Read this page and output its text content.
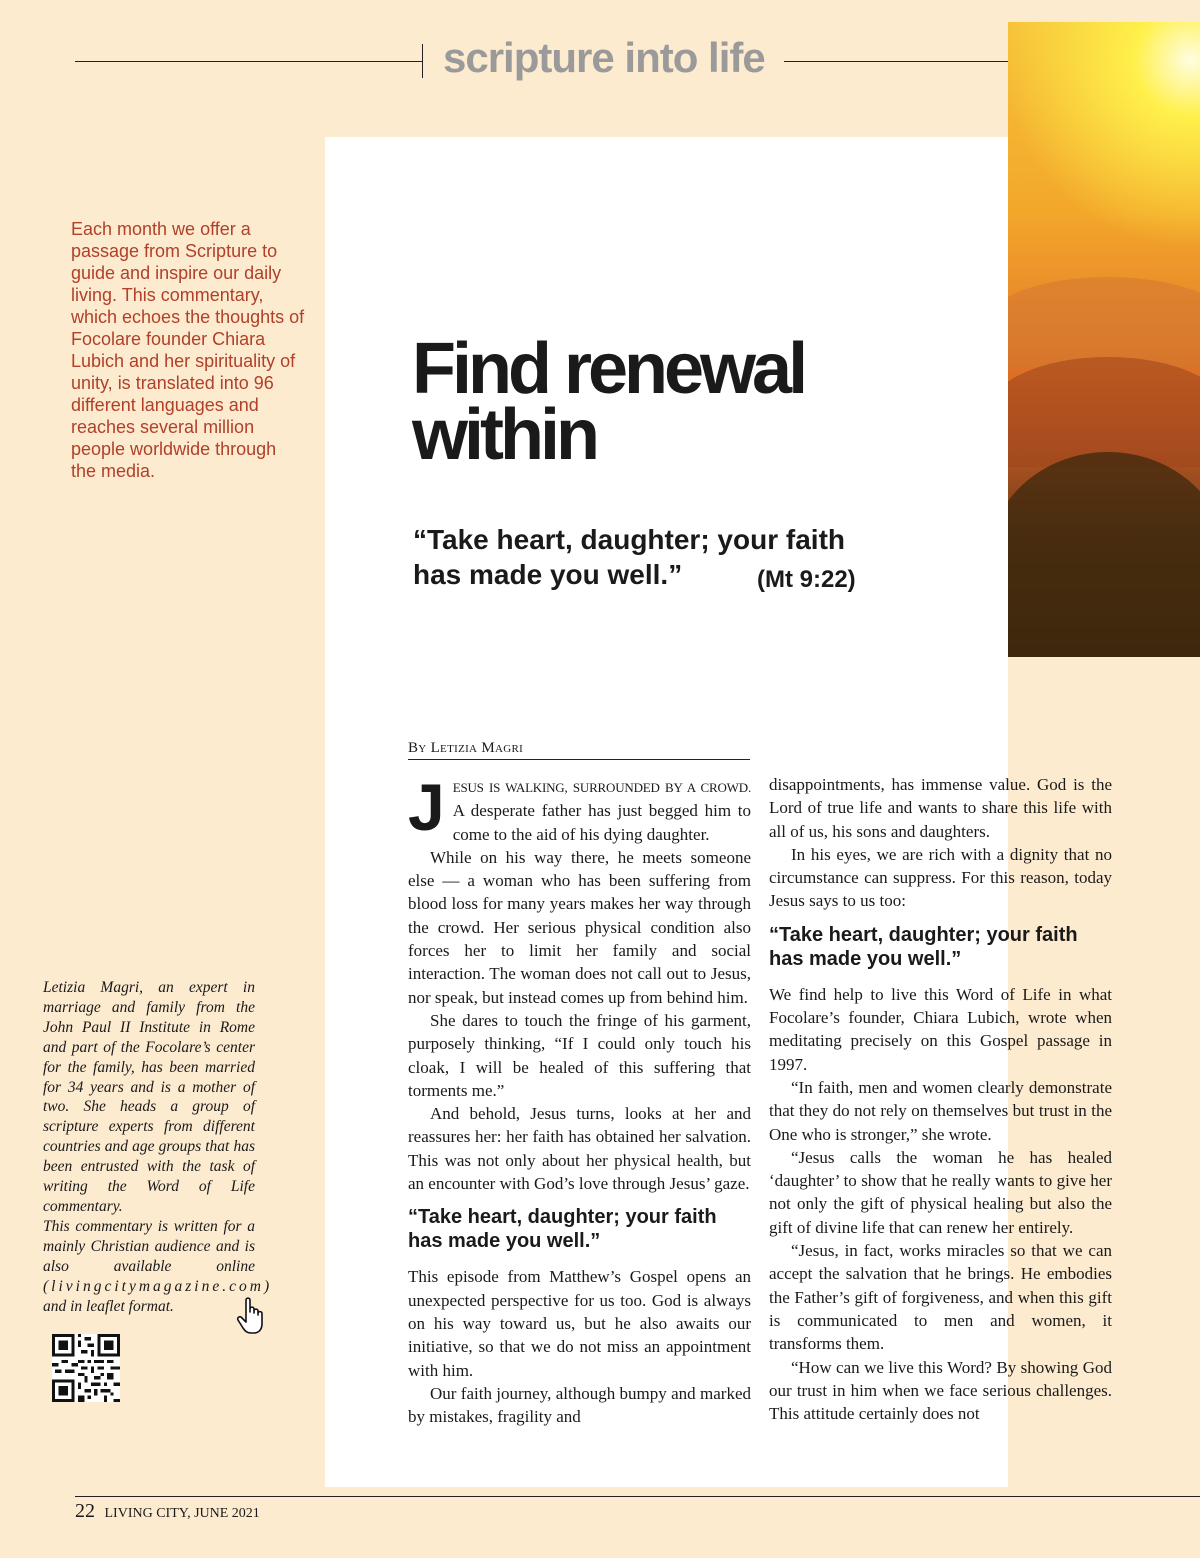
scripture into life
Each month we offer a passage from Scripture to guide and inspire our daily living. This commentary, which echoes the thoughts of Focolare founder Chiara Lubich and her spirituality of unity, is translated into 96 different languages and reaches several million people worldwide through the media.
Find renewal within
“Take heart, daughter; your faith has made you well.”	(Mt 9:22)
By Letizia Magri

JESUS IS WALKING, SURROUNDED BY A CROWD. A desperate father has just begged him to come to the aid of his dying daughter.

While on his way there, he meets someone else — a woman who has been suffering from blood loss for many years makes her way through the crowd. Her serious physical condition also forces her to limit her family and social interaction. The woman does not call out to Jesus, nor speak, but instead comes up from behind him.

She dares to touch the fringe of his garment, purposely thinking, “If I could only touch his cloak, I will be healed of this suffering that torments me.”

And behold, Jesus turns, looks at her and reassures her: her faith has obtained her salvation. This was not only about her physical health, but an encounter with God’s love through Jesus’ gaze.

“Take heart, daughter; your faith has made you well.”

This episode from Matthew’s Gospel opens an unexpected perspective for us too. God is always on his way toward us, but he also awaits our initiative, so that we do not miss an appointment with him.

Our faith journey, although bumpy and marked by mistakes, fragility and

disappointments, has immense value. God is the Lord of true life and wants to share this life with all of us, his sons and daughters.

In his eyes, we are rich with a dignity that no circumstance can suppress. For this reason, today Jesus says to us too:

“Take heart, daughter; your faith has made you well.”

We find help to live this Word of Life in what Focolare’s founder, Chiara Lubich, wrote when meditating precisely on this Gospel passage in 1997.

“In faith, men and women clearly demonstrate that they do not rely on themselves but trust in the One who is stronger,” she wrote.

“Jesus calls the woman he has healed ‘daughter’ to show that he really wants to give her not only the gift of physical healing but also the gift of divine life that can renew her entirely.

“Jesus, in fact, works miracles so that we can accept the salvation that he brings. He embodies the Father’s gift of forgiveness, and when this gift is communicated to men and women, it transforms them.

“How can we live this Word? By showing God our trust in him when we face serious challenges. This attitude certainly does not

Letizia Magri, an expert in marriage and family from the John Paul II Institute in Rome and part of the Focolare’s center for the family, has been married for 34 years and is a mother of two. She heads a group of scripture experts from different countries and age groups that has been entrusted with the task of writing the Word of Life commentary.

This commentary is written for a mainly Christian audience and is also available online (livingcitymagazine.com) and in leaflet format.

22 LIVING CITY, JUNE 2021
